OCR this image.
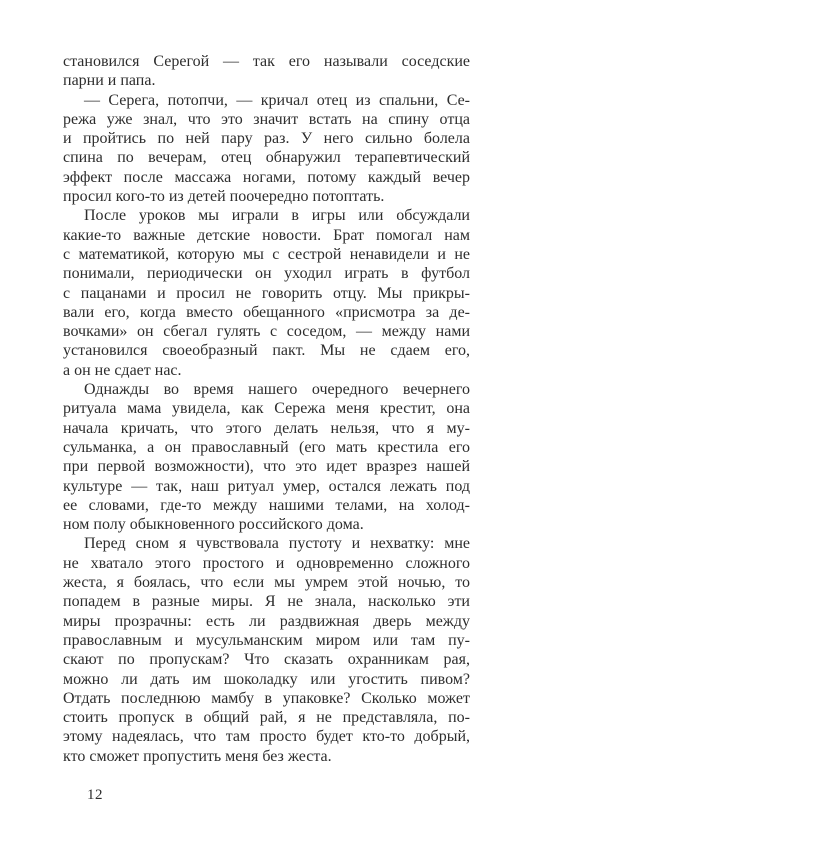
становился Серегой — так его называли соседские
парни и папа.
— Серега, потопчи, — кричал отец из спальни, Се-
режа уже знал, что это значит встать на спину отца
и пройтись по ней пару раз. У него сильно болела
спина по вечерам, отец обнаружил терапевтический
эффект после массажа ногами, потому каждый вечер
просил кого-то из детей поочередно потоптать.
После уроков мы играли в игры или обсуждали
какие-то важные детские новости. Брат помогал нам
с математикой, которую мы с сестрой ненавидели и не
понимали, периодически он уходил играть в футбол
с пацанами и просил не говорить отцу. Мы прикры-
вали его, когда вместо обещанного «присмотра за де-
вочками» он сбегал гулять с соседом, — между нами
установился своеобразный пакт. Мы не сдаем его,
а он не сдает нас.
Однажды во время нашего очередного вечернего
ритуала мама увидела, как Сережа меня крестит, она
начала кричать, что этого делать нельзя, что я му-
сульманка, а он православный (его мать крестила его
при первой возможности), что это идет вразрез нашей
культуре — так, наш ритуал умер, остался лежать под
ее словами, где-то между нашими телами, на холод-
ном полу обыкновенного российского дома.
Перед сном я чувствовала пустоту и нехватку: мне
не хватало этого простого и одновременно сложного
жеста, я боялась, что если мы умрем этой ночью, то
попадем в разные миры. Я не знала, насколько эти
миры прозрачны: есть ли раздвижная дверь между
православным и мусульманским миром или там пу-
скают по пропускам? Что сказать охранникам рая,
можно ли дать им шоколадку или угостить пивом?
Отдать последнюю мамбу в упаковке? Сколько может
стоить пропуск в общий рай, я не представляла, по-
этому надеялась, что там просто будет кто-то добрый,
кто сможет пропустить меня без жеста.
12
